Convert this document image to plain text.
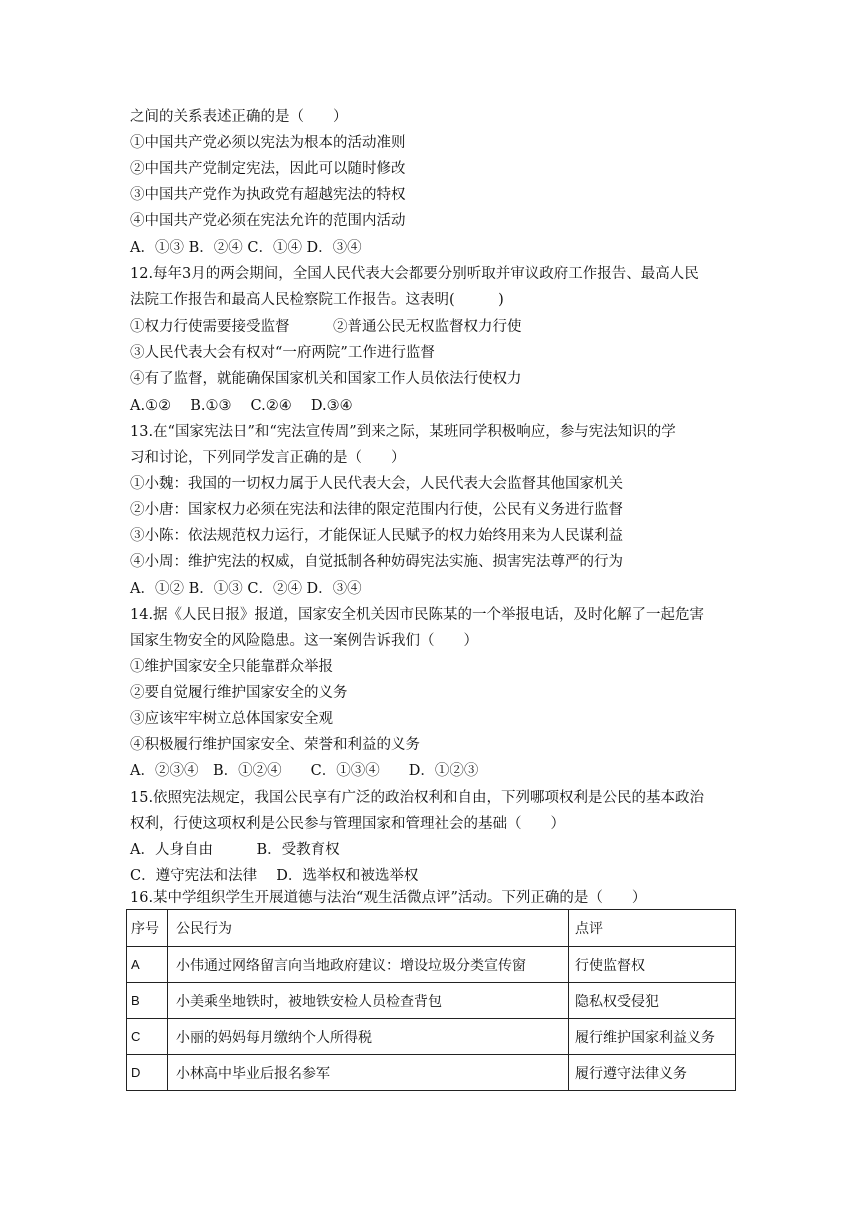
之间的关系表述正确的是（　　）
①中国共产党必须以宪法为根本的活动准则
②中国共产党制定宪法，因此可以随时修改
③中国共产党作为执政党有超越宪法的特权
④中国共产党必须在宪法允许的范围内活动
A．①③ B．②④ C．①④ D．③④
12.每年3月的两会期间，全国人民代表大会都要分别听取并审议政府工作报告、最高人民
法院工作报告和最高人民检察院工作报告。这表明(　　　)
①权力行使需要接受监督　　　②普通公民无权监督权力行使
③人民代表大会有权对“一府两院”工作进行监督
④有了监督，就能确保国家机关和国家工作人员依法行使权力
A.①②　 B.①③　 C.②④　 D.③④
13.在“国家宪法日”和“宪法宣传周”到来之际，某班同学积极响应，参与宪法知识的学
习和讨论，下列同学发言正确的是（　　）
①小魏：我国的一切权力属于人民代表大会，人民代表大会监督其他国家机关
②小唐：国家权力必须在宪法和法律的限定范围内行使，公民有义务进行监督
③小陈：依法规范权力运行，才能保证人民赋予的权力始终用来为人民谋利益
④小周：维护宪法的权威，自觉抵制各种妨碍宪法实施、损害宪法尊严的行为
A．①② B．①③ C．②④ D．③④
14.据《人民日报》报道，国家安全机关因市民陈某的一个举报电话，及时化解了一起危害
国家生物安全的风险隐患。这一案例告诉我们（　　）
①维护国家安全只能靠群众举报
②要自觉履行维护国家安全的义务
③应该牢牢树立总体国家安全观
④积极履行维护国家安全、荣誉和利益的义务
A．②③④　B．①②④　　C．①③④　　D．①②③
15.依照宪法规定，我国公民享有广泛的政治权利和自由，下列哪项权利是公民的基本政治
权利，行使这项权利是公民参与管理国家和管理社会的基础（　　）
A．人身自由　　　B．受教育权
C．遵守宪法和法律　 D．选举权和被选举权
16.某中学组织学生开展道德与法治“观生活微点评”活动。下列正确的是（　　）
序号	公民行为	点评
A	小伟通过网络留言向当地政府建议：增设垃圾分类宣传窗	行使监督权
B	小美乘坐地铁时，被地铁安检人员检查背包	隐私权受侵犯
C	小丽的妈妈每月缴纳个人所得税	履行维护国家利益义务
D	小林高中毕业后报名参军	履行遵守法律义务
